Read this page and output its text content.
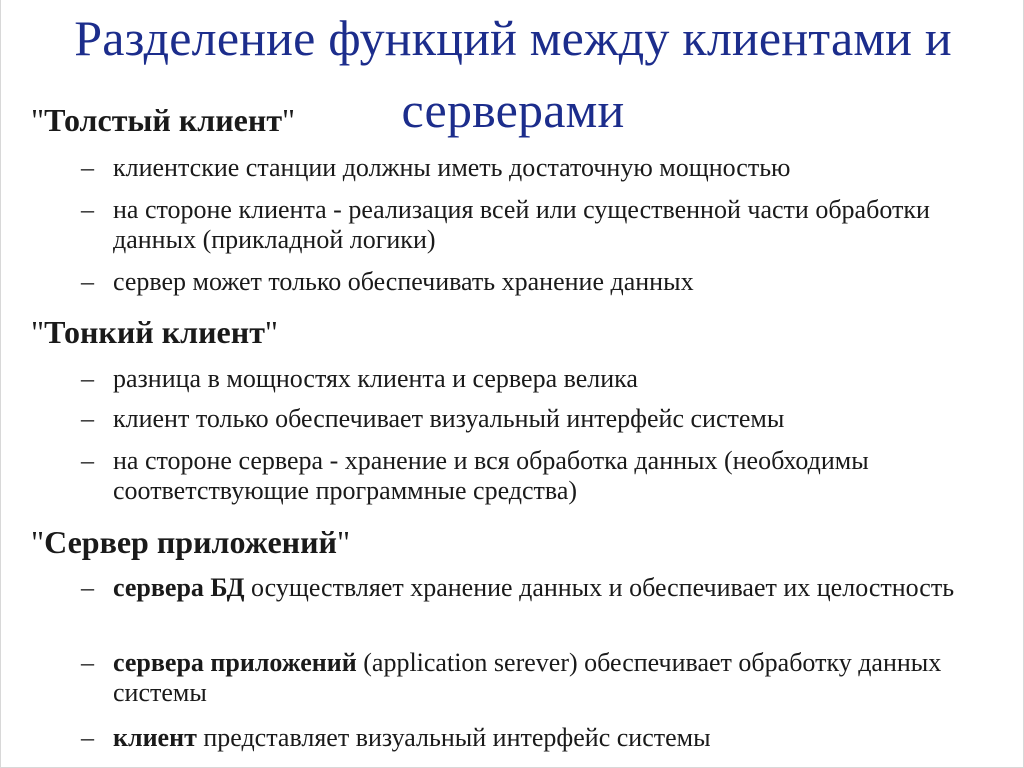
Разделение функций между клиентами и серверами
"Толстый клиент"
– клиентские станции должны иметь достаточную мощностью
– на стороне клиента - реализация всей или существенной части обработки данных (прикладной логики)
– сервер может только обеспечивать хранение данных
"Тонкий клиент"
– разница в мощностях клиента и сервера велика
– клиент только обеспечивает визуальный интерфейс системы
– на стороне сервера - хранение и вся обработка данных (необходимы соответствующие программные средства)
"Сервер приложений"
– сервера БД осуществляет хранение данных и обеспечивает их целостность
– сервера приложений (application serever) обеспечивает обработку данных системы
– клиент представляет визуальный интерфейс системы
